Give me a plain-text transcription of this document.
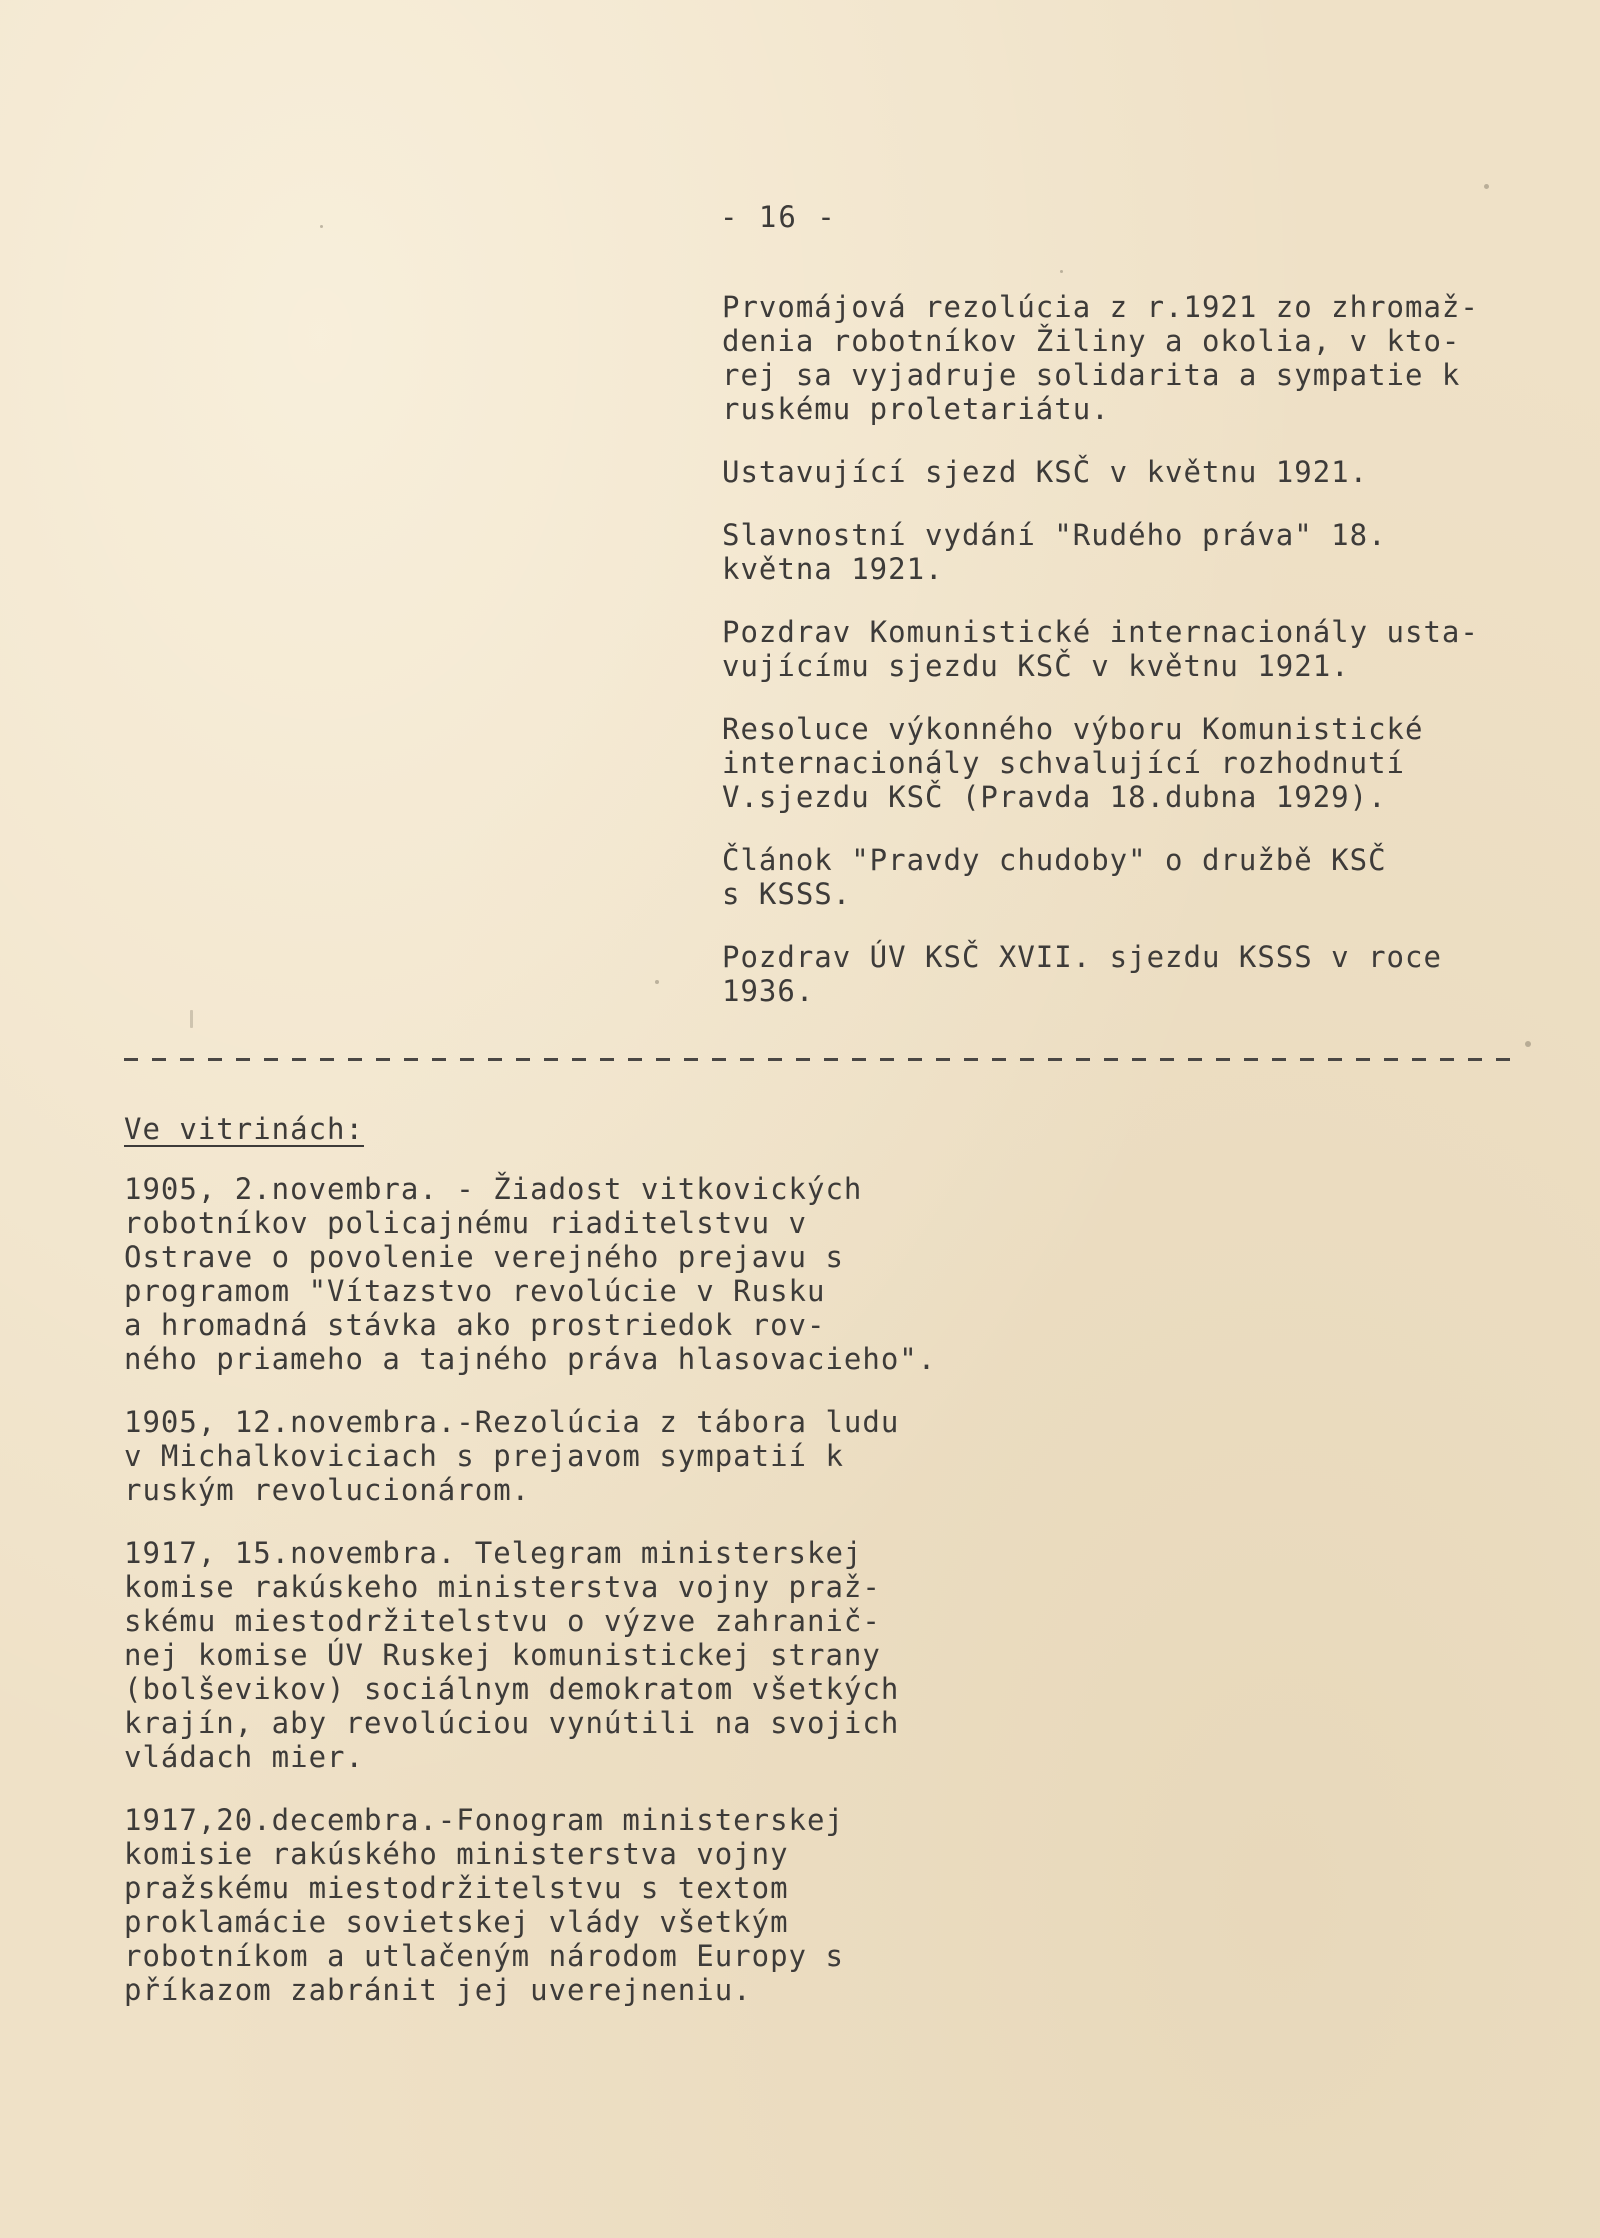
- 16 -
Prvomájová rezolúcia z r.1921 zo zhromaž-
denia robotníkov Žiliny a okolia, v kto-
rej sa vyjadruje solidarita a sympatie k
ruskému proletariátu.
Ustavující sjezd KSČ v květnu 1921.
Slavnostní vydání "Rudého práva" 18.
května 1921.
Pozdrav Komunistické internacionály usta-
vujícímu sjezdu KSČ v květnu 1921.
Resoluce výkonného výboru Komunistické
internacionály schvalující rozhodnutí
V.sjezdu KSČ (Pravda 18.dubna 1929).
Článok "Pravdy chudoby" o družbě KSČ
s KSSS.
Pozdrav ÚV KSČ XVII. sjezdu KSSS v roce
1936.
Ve vitrinách:
1905, 2.novembra. - Žiadost vitkovických
robotníkov policajnému riaditelstvu v
Ostrave o povolenie verejného prejavu s
programom "Vítazstvo revolúcie v Rusku
a hromadná stávka ako prostriedok rov-
ného priameho a tajného práva hlasovacieho".
1905, 12.novembra.-Rezolúcia z tábora ludu
v Michalkoviciach s prejavom sympatií k
ruským revolucionárom.
1917, 15.novembra. Telegram ministerskej
komise rakúskeho ministerstva vojny praž-
skému miestodržitelstvu o výzve zahranič-
nej komise ÚV Ruskej komunistickej strany
(bolševikov) sociálnym demokratom všetkých
krajín, aby revolúciou vynútili na svojich
vládach mier.
1917,20.decembra.-Fonogram ministerskej
komisie rakúského ministerstva vojny
pražskému miestodržitelstvu s textom
proklamácie sovietskej vlády všetkým
robotníkom a utlačeným národom Europy s
příkazom zabránit jej uverejneniu.
